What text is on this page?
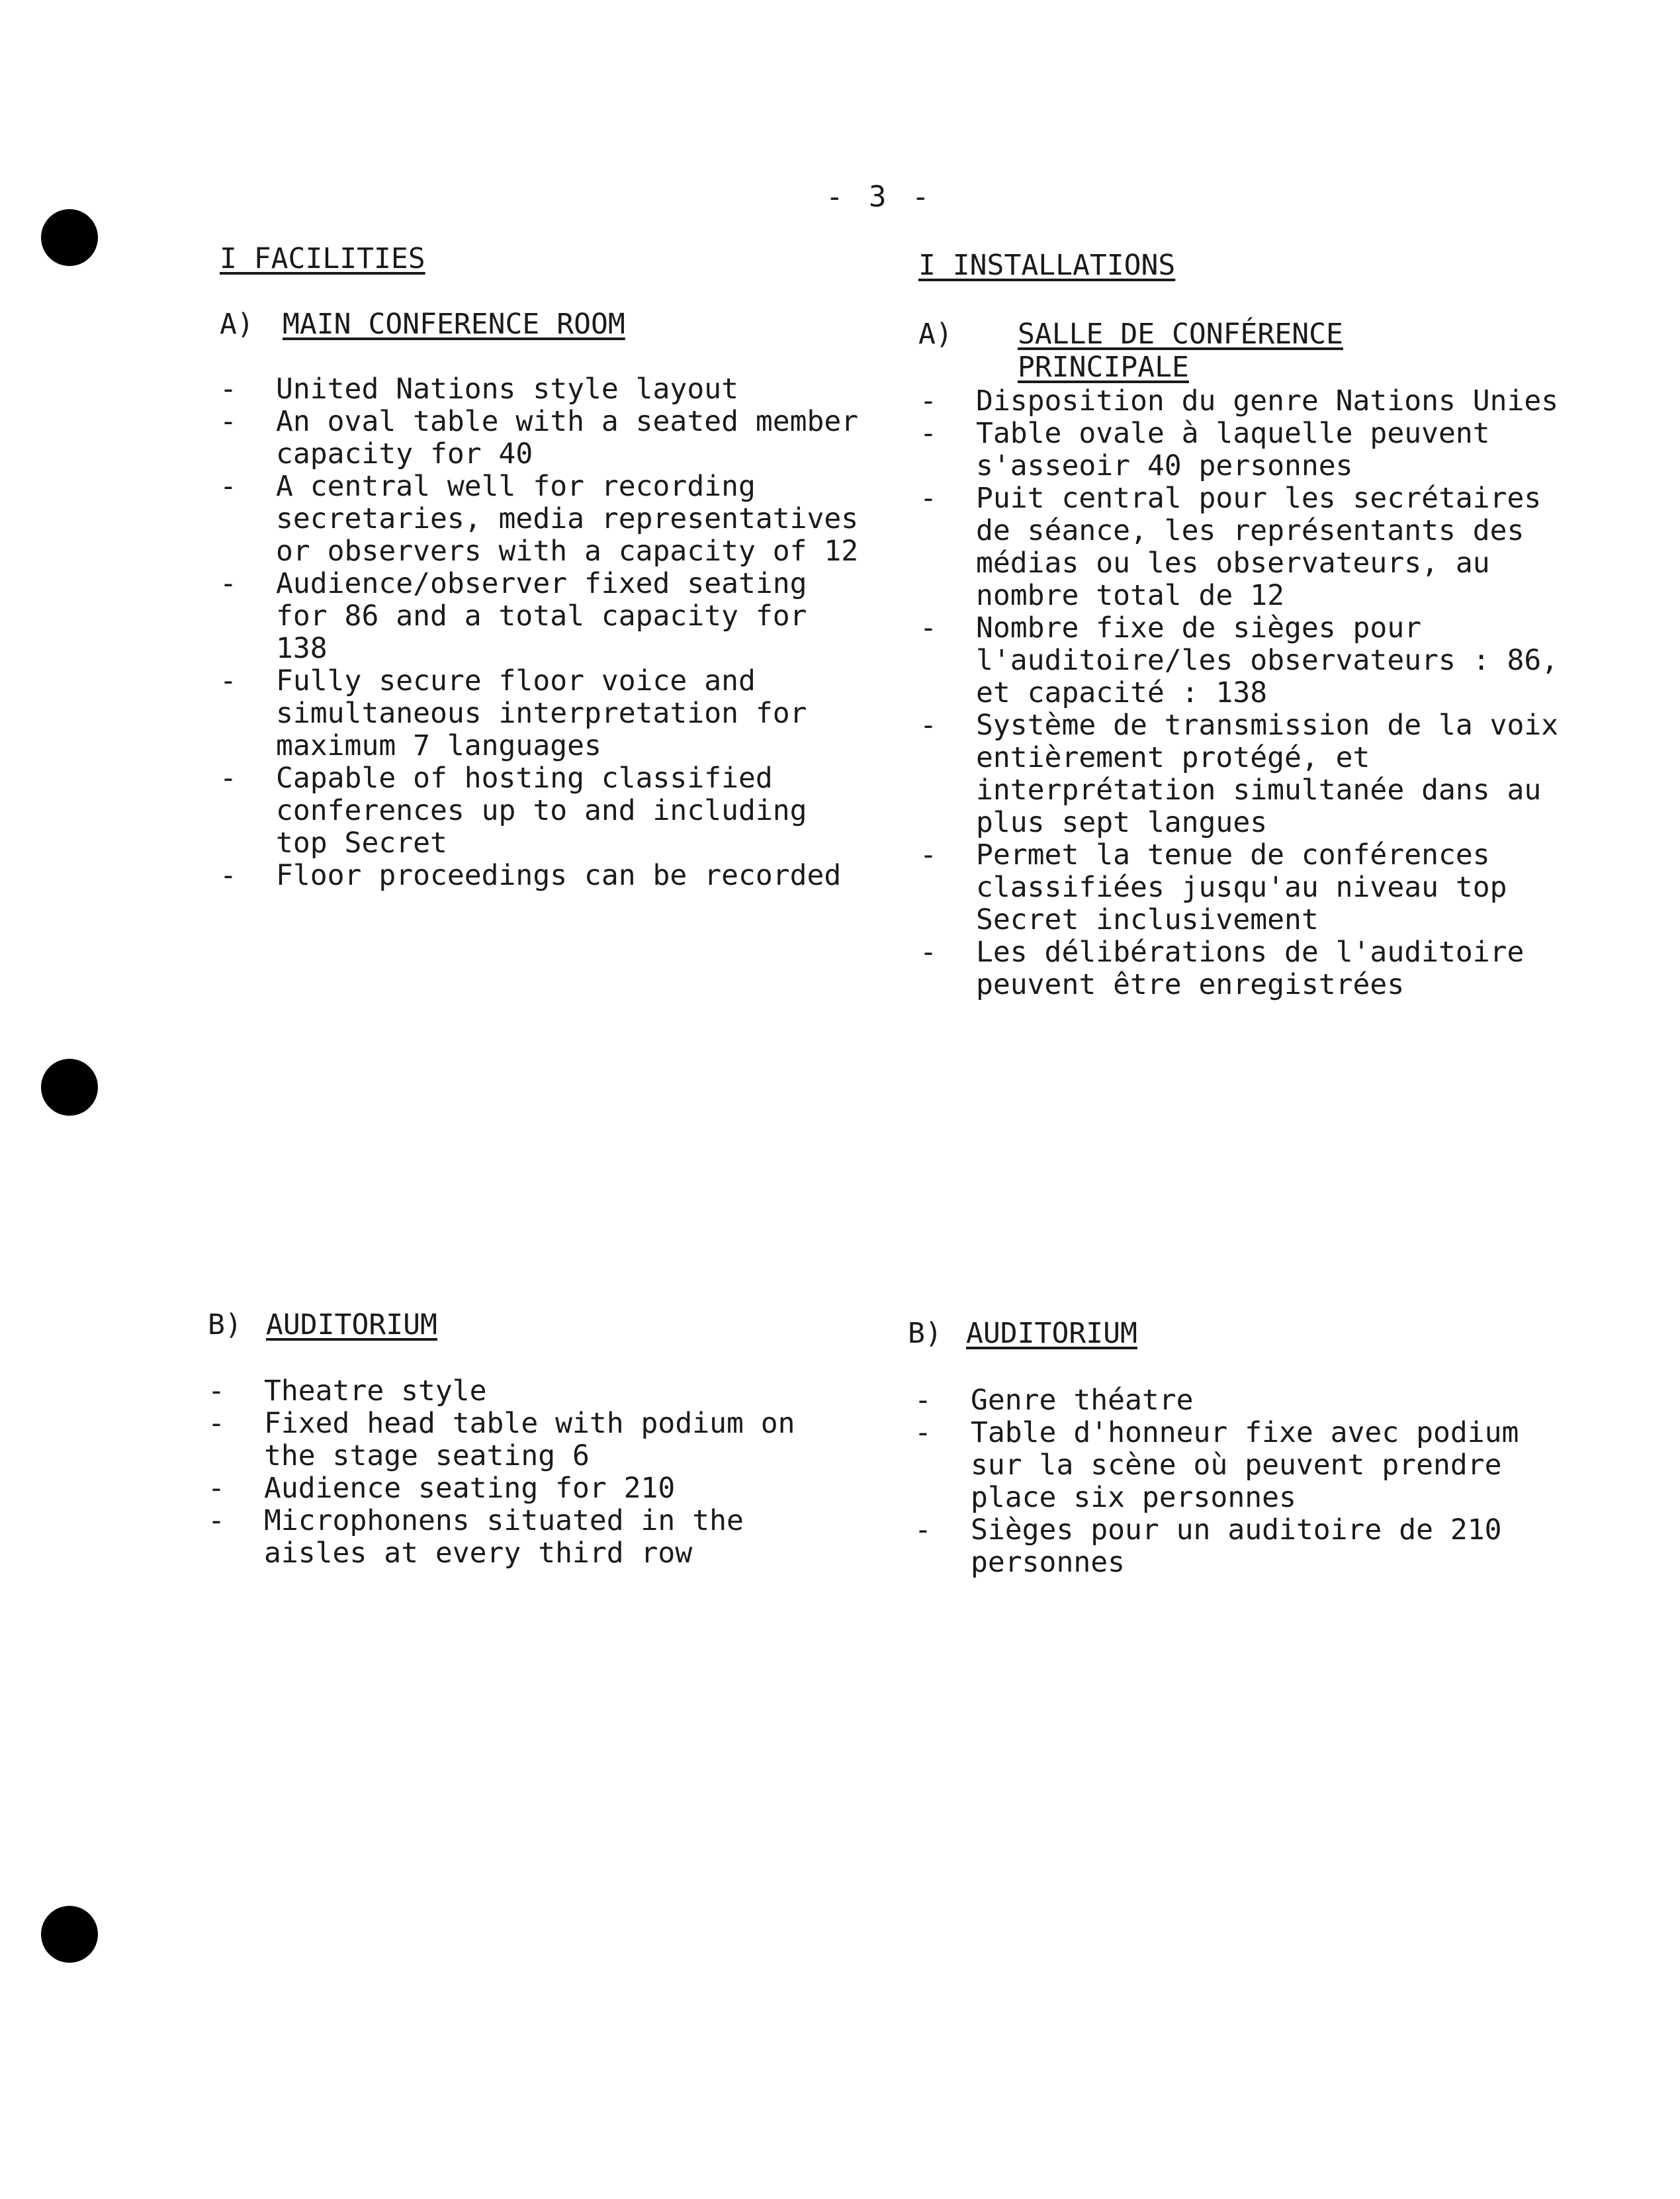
- 3 -
I FACILITIES	I INSTALLATIONS
A)	MAIN CONFERENCE ROOM	A)	SALLE DE CONFÉRENCE
PRINCIPALE
- United Nations style layout
- An oval table with a seated member capacity for 40
- A central well for recording secretaries, media representatives or observers with a capacity of 12
- Audience/observer fixed seating for 86 and a total capacity for 138
- Fully secure floor voice and simultaneous interpretation for maximum 7 languages
- Capable of hosting classified conferences up to and including top Secret
- Floor proceedings can be recorded
- Disposition du genre Nations Unies
- Table ovale à laquelle peuvent s'asseoir 40 personnes
- Puit central pour les secrétaires de séance, les représentants des médias ou les observateurs, au nombre total de 12
- Nombre fixe de sièges pour l'auditoire/les observateurs : 86, et capacité : 138
- Système de transmission de la voix entièrement protégé, et interprétation simultanée dans au plus sept langues
- Permet la tenue de conférences classifiées jusqu'au niveau top Secret inclusivement
- Les délibérations de l'auditoire peuvent être enregistrées
B) AUDITORIUM	B) AUDITORIUM
- Theatre style
- Fixed head table with podium on the stage seating 6
- Audience seating for 210
- Microphonens situated in the aisles at every third row
- Genre théatre
- Table d'honneur fixe avec podium sur la scène où peuvent prendre place six personnes
- Sièges pour un auditoire de 210 personnes
